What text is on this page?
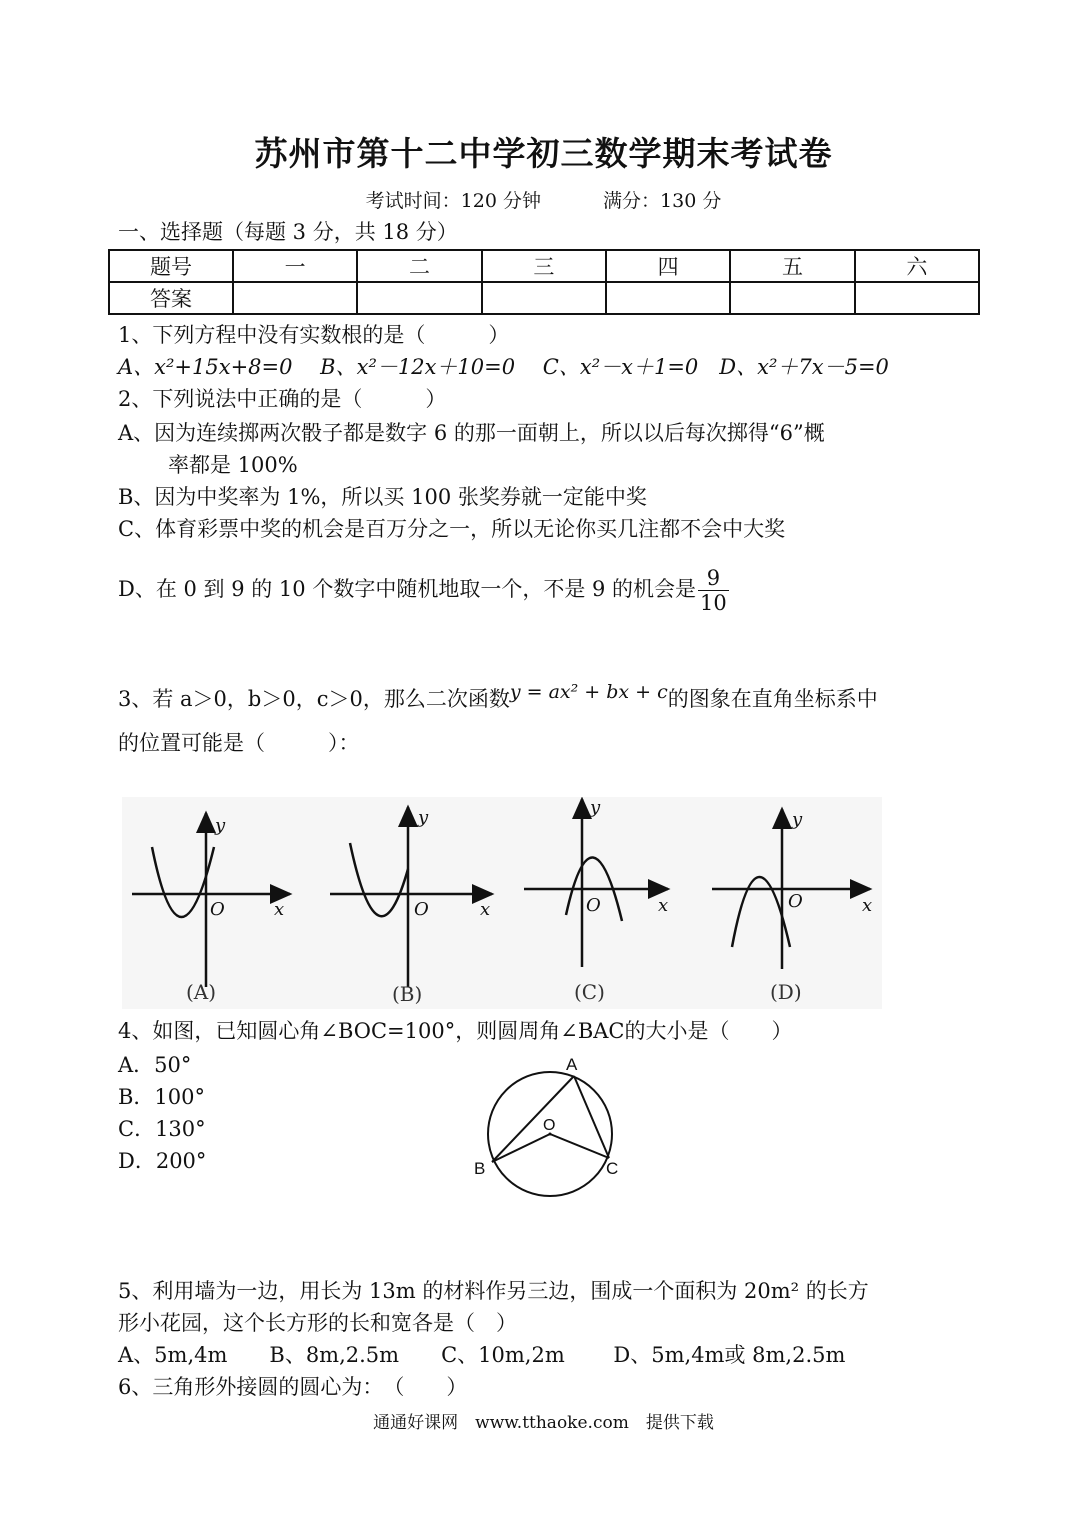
苏州市第十二中学初三数学期末考试卷
考试时间：120 分钟	满分：130 分
一、选择题（每题 3 分，共 18 分）
题号	一	二	三	四	五	六
答案						
1、下列方程中没有实数根的是（　　　）
A、x²+15x+8=0　 B、x²－12x＋10=0　 C、x²－x＋1=0　D、x²＋7x－5=0
2、下列说法中正确的是（　　　）
A、因为连续掷两次骰子都是数字 6 的那一面朝上，所以以后每次掷得“6”概
率都是 100%
B、因为中奖率为 1%，所以买 100 张奖券就一定能中奖
C、体育彩票中奖的机会是百万分之一，所以无论你买几注都不会中大奖
D、在 0 到 9 的 10 个数字中随机地取一个，不是 9 的机会是 $\frac{9}{10}$
3、若 a＞0，b＞0，c＞0，那么二次函数y = ax² + bx + c的图象在直角坐标系中
的位置可能是（　　　）：
y
x
O
(A)
y
x
O
(B)
y
x
O
(C)
y
x
O
(D)
4、如图，已知圆心角∠BOC=100°，则圆周角∠BAC的大小是（　　）
A．50°
B．100°
C．130°
D．200°
A
O
B	C
5、利用墙为一边，用长为 13m 的材料作另三边，围成一个面积为 20m² 的长方
形小花园，这个长方形的长和宽各是（　）
A、5m,4m　　B、8m,2.5m　　C、10m,2m　　 D、5m,4m或 8m,2.5m
6、三角形外接圆的圆心为：　（　　）
通通好课网　www.tthaoke.com　提供下载
